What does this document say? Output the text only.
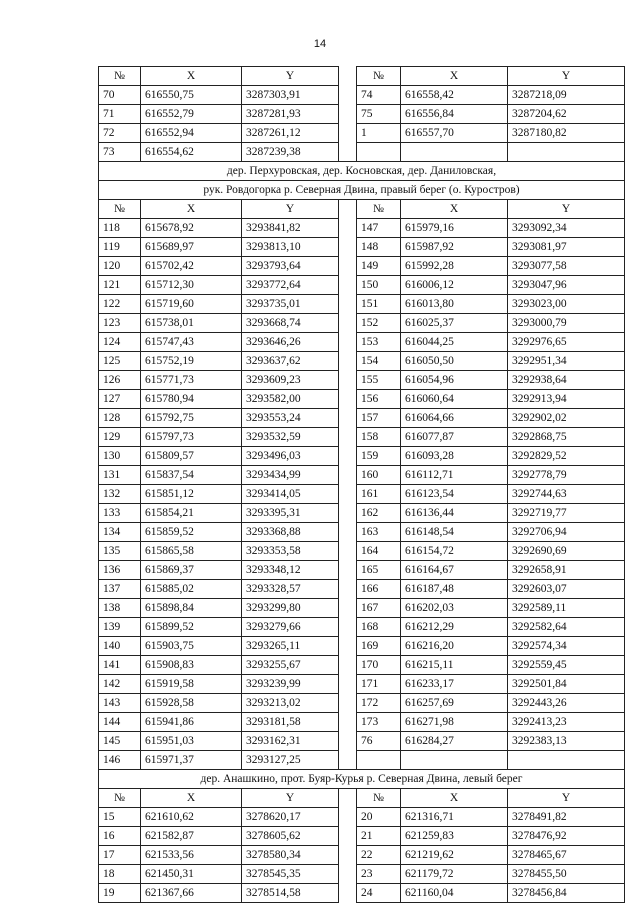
14
№	X	Y		№	X	Y
70	616550,75	3287303,91		74	616558,42	3287218,09
71	616552,79	3287281,93		75	616556,84	3287204,62
72	616552,94	3287261,12		1	616557,70	3287180,82
73	616554,62	3287239,38				
дер. Перхуровская, дер. Косновская, дер. Даниловская,						
рук. Ровдогорка р. Северная Двина, правый берег (о. Куростров)						
№	X	Y		№	X	Y
118	615678,92	3293841,82		147	615979,16	3293092,34
119	615689,97	3293813,10		148	615987,92	3293081,97
120	615702,42	3293793,64		149	615992,28	3293077,58
121	615712,30	3293772,64		150	616006,12	3293047,96
122	615719,60	3293735,01		151	616013,80	3293023,00
123	615738,01	3293668,74		152	616025,37	3293000,79
124	615747,43	3293646,26		153	616044,25	3292976,65
125	615752,19	3293637,62		154	616050,50	3292951,34
126	615771,73	3293609,23		155	616054,96	3292938,64
127	615780,94	3293582,00		156	616060,64	3292913,94
128	615792,75	3293553,24		157	616064,66	3292902,02
129	615797,73	3293532,59		158	616077,87	3292868,75
130	615809,57	3293496,03		159	616093,28	3292829,52
131	615837,54	3293434,99		160	616112,71	3292778,79
132	615851,12	3293414,05		161	616123,54	3292744,63
133	615854,21	3293395,31		162	616136,44	3292719,77
134	615859,52	3293368,88		163	616148,54	3292706,94
135	615865,58	3293353,58		164	616154,72	3292690,69
136	615869,37	3293348,12		165	616164,67	3292658,91
137	615885,02	3293328,57		166	616187,48	3292603,07
138	615898,84	3293299,80		167	616202,03	3292589,11
139	615899,52	3293279,66		168	616212,29	3292582,64
140	615903,75	3293265,11		169	616216,20	3292574,34
141	615908,83	3293255,67		170	616215,11	3292559,45
142	615919,58	3293239,99		171	616233,17	3292501,84
143	615928,58	3293213,02		172	616257,69	3292443,26
144	615941,86	3293181,58		173	616271,98	3292413,23
145	615951,03	3293162,31		76	616284,27	3292383,13
146	615971,37	3293127,25				
дер. Анашкино, прот. Буяр-Курья р. Северная Двина, левый берег						
№	X	Y		№	X	Y
15	621610,62	3278620,17		20	621316,71	3278491,82
16	621582,87	3278605,62		21	621259,83	3278476,92
17	621533,56	3278580,34		22	621219,62	3278465,67
18	621450,31	3278545,35		23	621179,72	3278455,50
19	621367,66	3278514,58		24	621160,04	3278456,84
